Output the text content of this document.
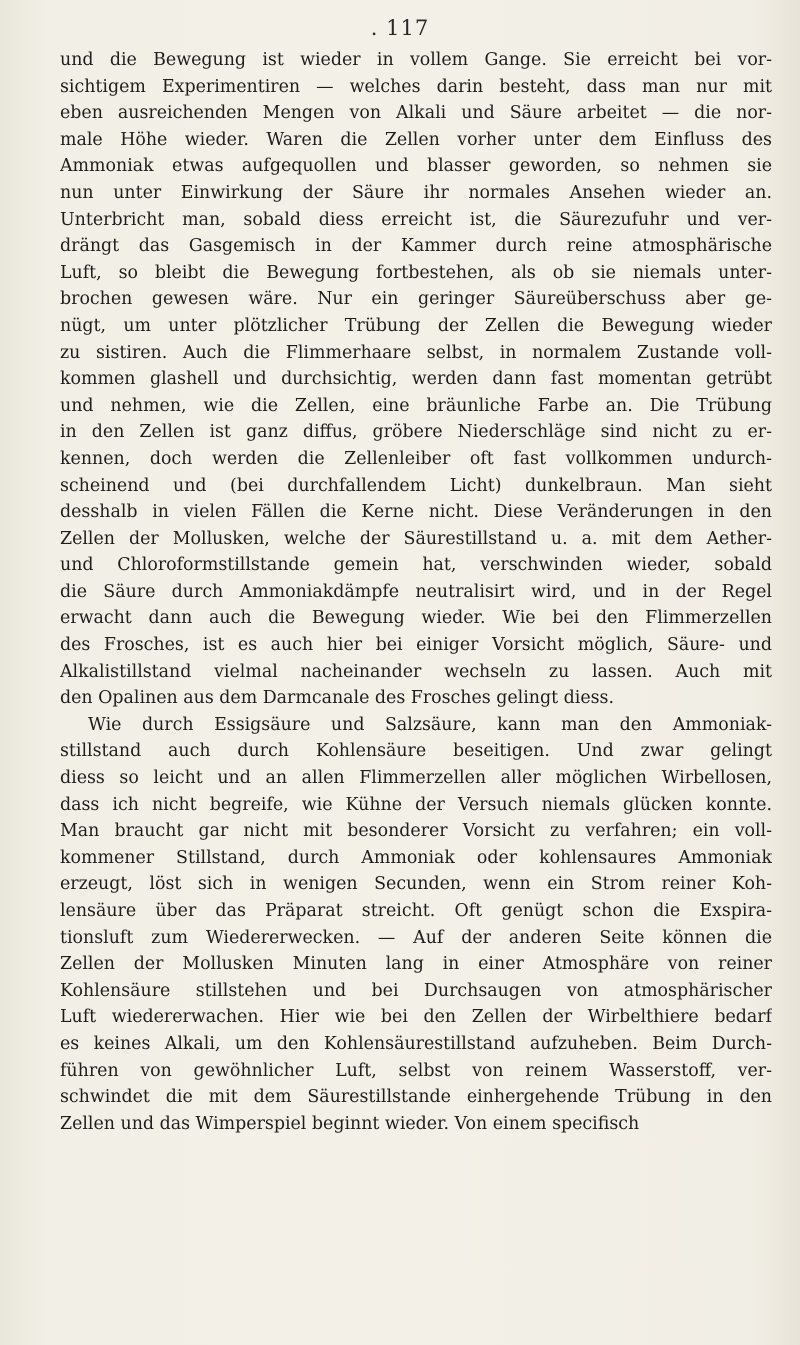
. 117
und die Bewegung ist wieder in vollem Gange. Sie erreicht bei vor-
sichtigem Experimentiren — welches darin besteht, dass man nur mit
eben ausreichenden Mengen von Alkali und Säure arbeitet — die nor-
male Höhe wieder. Waren die Zellen vorher unter dem Einfluss des
Ammoniak etwas aufgequollen und blasser geworden, so nehmen sie
nun unter Einwirkung der Säure ihr normales Ansehen wieder an.
Unterbricht man, sobald diess erreicht ist, die Säurezufuhr und ver-
drängt das Gasgemisch in der Kammer durch reine atmosphärische
Luft, so bleibt die Bewegung fortbestehen, als ob sie niemals unter-
brochen gewesen wäre. Nur ein geringer Säureüberschuss aber ge-
nügt, um unter plötzlicher Trübung der Zellen die Bewegung wieder
zu sistiren. Auch die Flimmerhaare selbst, in normalem Zustande voll-
kommen glashell und durchsichtig, werden dann fast momentan getrübt
und nehmen, wie die Zellen, eine bräunliche Farbe an. Die Trübung
in den Zellen ist ganz diffus, gröbere Niederschläge sind nicht zu er-
kennen, doch werden die Zellenleiber oft fast vollkommen undurch-
scheinend und (bei durchfallendem Licht) dunkelbraun. Man sieht
desshalb in vielen Fällen die Kerne nicht. Diese Veränderungen in den
Zellen der Mollusken, welche der Säurestillstand u. a. mit dem Aether-
und Chloroformstillstande gemein hat, verschwinden wieder, sobald
die Säure durch Ammoniakdämpfe neutralisirt wird, und in der Regel
erwacht dann auch die Bewegung wieder. Wie bei den Flimmerzellen
des Frosches, ist es auch hier bei einiger Vorsicht möglich, Säure- und
Alkalistillstand vielmal nacheinander wechseln zu lassen. Auch mit
den Opalinen aus dem Darmcanale des Frosches gelingt diess.
Wie durch Essigsäure und Salzsäure, kann man den Ammoniak-
stillstand auch durch Kohlensäure beseitigen. Und zwar gelingt
diess so leicht und an allen Flimmerzellen aller möglichen Wirbellosen,
dass ich nicht begreife, wie Kühne der Versuch niemals glücken konnte.
Man braucht gar nicht mit besonderer Vorsicht zu verfahren; ein voll-
kommener Stillstand, durch Ammoniak oder kohlensaures Ammoniak
erzeugt, löst sich in wenigen Secunden, wenn ein Strom reiner Koh-
lensäure über das Präparat streicht. Oft genügt schon die Exspira-
tionsluft zum Wiedererwecken. — Auf der anderen Seite können die
Zellen der Mollusken Minuten lang in einer Atmosphäre von reiner
Kohlensäure stillstehen und bei Durchsaugen von atmosphärischer
Luft wiedererwachen. Hier wie bei den Zellen der Wirbelthiere bedarf
es keines Alkali, um den Kohlensäurestillstand aufzuheben. Beim Durch-
führen von gewöhnlicher Luft, selbst von reinem Wasserstoff, ver-
schwindet die mit dem Säurestillstande einhergehende Trübung in den
Zellen und das Wimperspiel beginnt wieder. Von einem specifisch
